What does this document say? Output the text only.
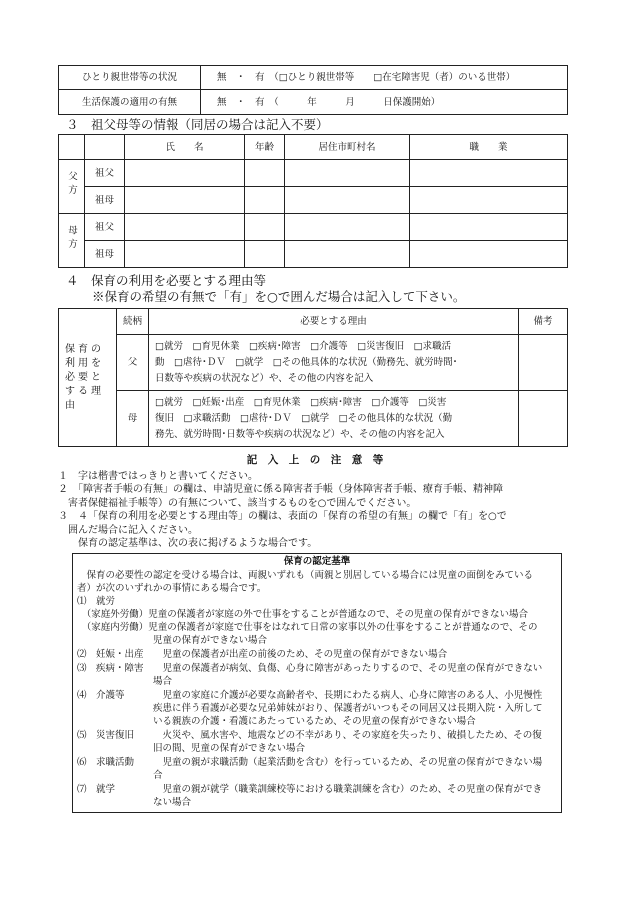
ひとり親世帯等の状況	無　・　有　（□ひとり親世帯等　　□在宅障害児（者）のいる世帯）
生活保護の適用の有無	無　・　有　（　　　年　　　月　　　日保護開始）
３　祖父母等の情報（同居の場合は記入不要）
		氏　　名	年齢	居住市町村名	職　　業
父方	祖父				
	祖母				
母方	祖父				
	祖母				
４　保育の利用を必要とする理由等
※保育の希望の有無で「有」を○で囲んだ場合は記入して下さい。
保育の利用を必要とする理由	続柄	必要とする理由	備考
	父	□就労　□育児休業　□疾病･障害　□介護等　□災害復旧　□求職活
動　□虐待･ＤＶ　□就学　□その他具体的な状況（勤務先、就労時間･
日数等や疾病の状況など）や、その他の内容を記入	

	母	□就労　□妊娠･出産　□育児休業　□疾病･障害　□介護等　□災害
復旧　□求職活動　□虐待･ＤＶ　□就学　□その他具体的な状況（勤
務先、就労時間･日数等や疾病の状況など）や、その他の内容を記入	

記　入　上　の　注　意　等
１　字は楷書ではっきりと書いてください。
２　「障害者手帳の有無」の欄は、申請児童に係る障害者手帳（身体障害者手帳、療育手帳、精神障
　害者保健福祉手帳等）の有無について、該当するものを○で囲んでください。
３　４「保育の利用を必要とする理由等」の欄は、表面の「保育の希望の有無」の欄で「有」を○で
　囲んだ場合に記入ください。
　　保育の認定基準は、次の表に掲げるような場合です。
保育の認定基準
　保育の必要性の認定を受ける場合は、両親いずれも（両親と別居している場合には児童の面倒をみている
者）が次のいずれかの事情にある場合です。
⑴　就労
　（家庭外労働）児童の保護者が家庭の外で仕事をすることが普通なので、その児童の保育ができない場合
　（家庭内労働）児童の保護者が家庭で仕事をはなれて日常の家事以外の仕事をすることが普通なので、その
　　　　　　　　児童の保育ができない場合
⑵　妊娠・出産　　児童の保護者が出産の前後のため、その児童の保育ができない場合
⑶　疾病・障害　　児童の保護者が病気、負傷、心身に障害があったりするので、その児童の保育ができない
　　　　　　　　場合
⑷　介護等　　　　児童の家庭に介護が必要な高齢者や、長期にわたる病人、心身に障害のある人、小児慢性
　　　　　　　　疾患に伴う看護が必要な兄弟姉妹がおり、保護者がいつもその同居又は長期入院・入所して
　　　　　　　　いる親族の介護・看護にあたっているため、その児童の保育ができない場合
⑸　災害復旧　　　火災や、風水害や、地震などの不幸があり、その家庭を失ったり、破損したため、その復
　　　　　　　　旧の間、児童の保育ができない場合
⑹　求職活動　　　児童の親が求職活動（起業活動を含む）を行っているため、その児童の保育ができない場
　　　　　　　　合
⑺　就学　　　　　児童の親が就学（職業訓練校等における職業訓練を含む）のため、その児童の保育ができ
　　　　　　　　ない場合
